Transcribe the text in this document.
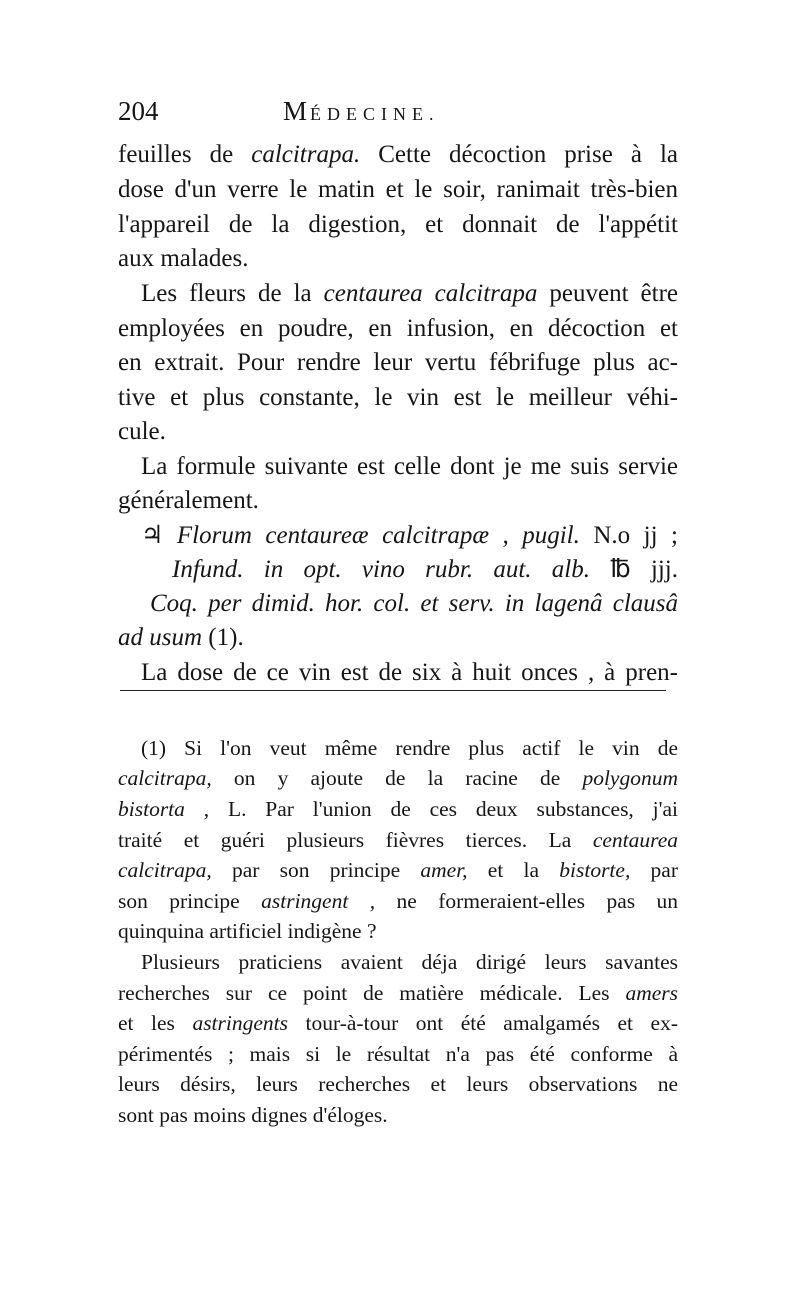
204	MÉDECINE.
feuilles de calcitrapa. Cette décoction prise à la
dose d'un verre le matin et le soir, ranimait très-bien
l'appareil de la digestion, et donnait de l'appétit
aux malades.
Les fleurs de la centaurea calcitrapa peuvent être
employées en poudre, en infusion, en décoction et
en extrait. Pour rendre leur vertu fébrifuge plus ac-
tive et plus constante, le vin est le meilleur véhi-
cule.
La formule suivante est celle dont je me suis servie
généralement.
♃ Florum centaureæ calcitrapæ , pugil. N.o jj ;
Infund. in opt. vino rubr. aut. alb. ℔ jjj.
Coq. per dimid. hor. col. et serv. in lagenâ clausâ
ad usum (1).
La dose de ce vin est de six à huit onces , à pren-
(1) Si l'on veut même rendre plus actif le vin de
calcitrapa, on y ajoute de la racine de polygonum
bistorta , L. Par l'union de ces deux substances, j'ai
traité et guéri plusieurs fièvres tierces. La centaurea
calcitrapa, par son principe amer, et la bistorte, par
son principe astringent , ne formeraient-elles pas un
quinquina artificiel indigène ?
Plusieurs praticiens avaient déja dirigé leurs savantes
recherches sur ce point de matière médicale. Les amers
et les astringents tour-à-tour ont été amalgamés et ex-
périmentés ; mais si le résultat n'a pas été conforme à
leurs désirs, leurs recherches et leurs observations ne
sont pas moins dignes d'éloges.
